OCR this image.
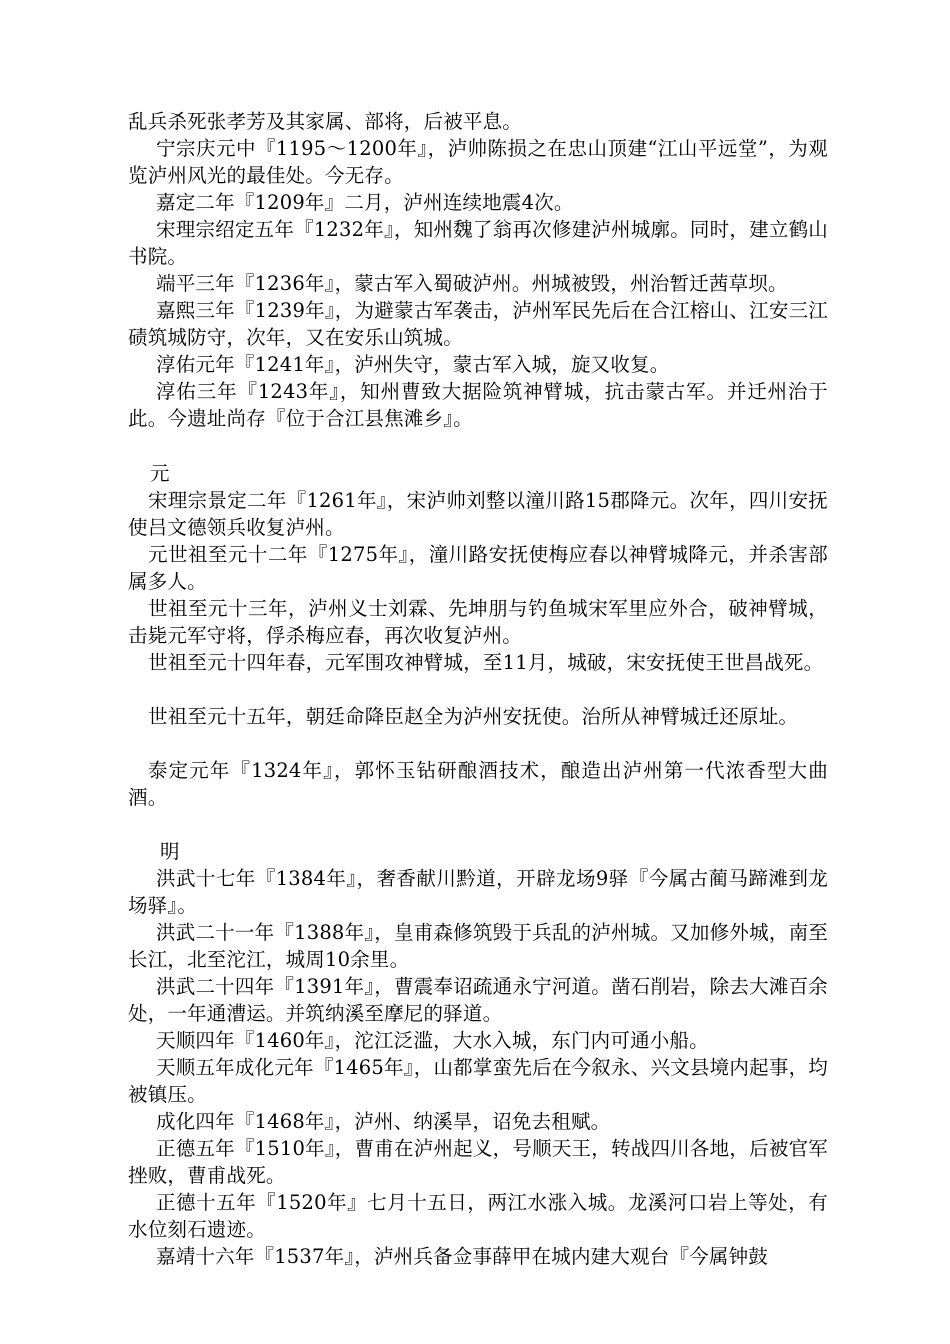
乱兵杀死张孝芳及其家属、部将，后被平息。

宁宗庆元中『1195～1200年』，泸帅陈损之在忠山顶建“江山平远堂”，为观览泸州风光的最佳处。今无存。

嘉定二年『1209年』二月，泸州连续地震4次。

宋理宗绍定五年『1232年』，知州魏了翁再次修建泸州城廓。同时，建立鹤山书院。

端平三年『1236年』，蒙古军入蜀破泸州。州城被毁，州治暂迁茜草坝。

嘉熙三年『1239年』，为避蒙古军袭击，泸州军民先后在合江榕山、江安三江碛筑城防守，次年，又在安乐山筑城。

淳佑元年『1241年』，泸州失守，蒙古军入城，旋又收复。

淳佑三年『1243年』，知州曹致大据险筑神臂城，抗击蒙古军。并迁州治于此。今遗址尚存『位于合江县焦滩乡』。

元

宋理宗景定二年『1261年』，宋泸帅刘整以潼川路15郡降元。次年，四川安抚使吕文德领兵收复泸州。

元世祖至元十二年『1275年』，潼川路安抚使梅应春以神臂城降元，并杀害部属多人。

世祖至元十三年，泸州义士刘霖、先坤朋与钓鱼城宋军里应外合，破神臂城，击毙元军守将，俘杀梅应春，再次收复泸州。

世祖至元十四年春，元军围攻神臂城，至11月，城破，宋安抚使王世昌战死。

世祖至元十五年，朝廷命降臣赵全为泸州安抚使。治所从神臂城迁还原址。

泰定元年『1324年』，郭怀玉钻研酿酒技术，酿造出泸州第一代浓香型大曲酒。

明

洪武十七年『1384年』，奢香献川黔道，开辟龙场9驿『今属古蔺马蹄滩到龙场驿』。

洪武二十一年『1388年』，皇甫森修筑毁于兵乱的泸州城。又加修外城，南至长江，北至沱江，城周10余里。

洪武二十四年『1391年』，曹震奉诏疏通永宁河道。凿石削岩，除去大滩百余处，一年通漕运。并筑纳溪至摩尼的驿道。

天顺四年『1460年』，沱江泛滥，大水入城，东门内可通小船。

天顺五年成化元年『1465年』，山都掌蛮先后在今叙永、兴文县境内起事，均被镇压。

成化四年『1468年』，泸州、纳溪旱，诏免去租赋。

正德五年『1510年』，曹甫在泸州起义，号顺天王，转战四川各地，后被官军挫败，曹甫战死。

正德十五年『1520年』七月十五日，两江水涨入城。龙溪河口岩上等处，有水位刻石遗迹。

嘉靖十六年『1537年』，泸州兵备佥事薛甲在城内建大观台『今属钟鼓
